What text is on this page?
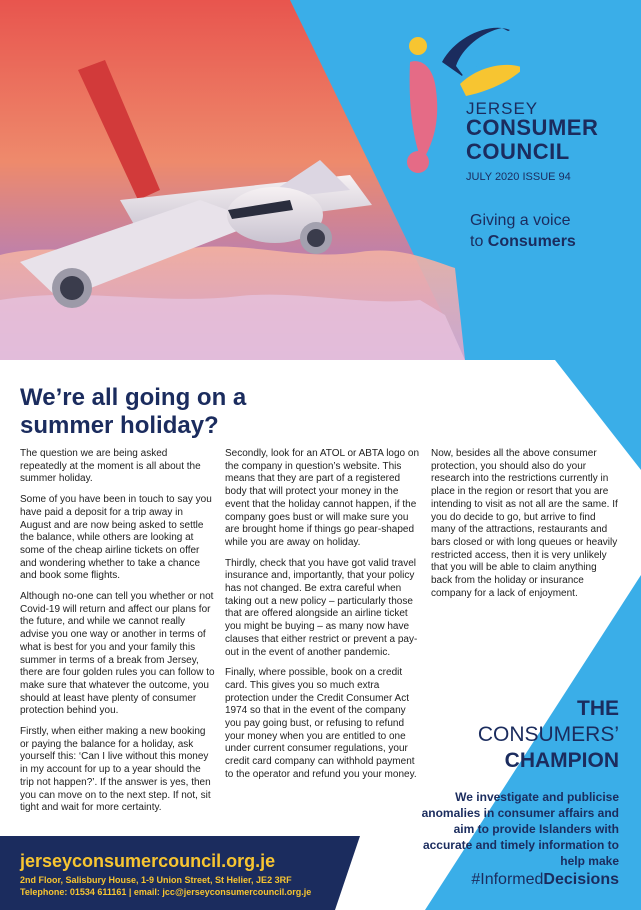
JERSEY
CONSUMER
COUNCIL
JULY 2020 ISSUE 94
Giving a voice
to Consumers
We’re all going on a summer holiday?

The question we are being asked repeatedly at the moment is all about the summer holiday.

Some of you have been in touch to say you have paid a deposit for a trip away in August and are now being asked to settle the balance, while others are looking at some of the cheap airline tickets on offer and wondering whether to take a chance and book some flights.

Although no-one can tell you whether or not Covid-19 will return and affect our plans for the future, and while we cannot really advise you one way or another in terms of what is best for you and your family this summer in terms of a break from Jersey, there are four golden rules you can follow to make sure that whatever the outcome, you should at least have plenty of consumer protection behind you.

Firstly, when either making a new booking or paying the balance for a holiday, ask yourself this: ‘Can I live without this money in my account for up to a year should the trip not happen?’. If the answer is yes, then you can move on to the next step. If not, sit tight and wait for more certainty.

Secondly, look for an ATOL or ABTA logo on the company in question’s website. This means that they are part of a registered body that will protect your money in the event that the holiday cannot happen, if the company goes bust or will make sure you are brought home if things go pear-shaped while you are away on holiday.

Thirdly, check that you have got valid travel insurance and, importantly, that your policy has not changed. Be extra careful when taking out a new policy – particularly those that are offered alongside an airline ticket you might be buying – as many now have clauses that either restrict or prevent a pay-out in the event of another pandemic.

Finally, where possible, book on a credit card. This gives you so much extra protection under the Credit Consumer Act 1974 so that in the event of the company you pay going bust, or refusing to refund your money when you are entitled to one under current consumer regulations, your credit card company can withhold payment to the operator and refund you your money.

Now, besides all the above consumer protection, you should also do your research into the restrictions currently in place in the region or resort that you are intending to visit as not all are the same. If you do decide to go, but arrive to find many of the attractions, restaurants and bars closed or with long queues or heavily restricted access, then it is very unlikely that you will be able to claim anything back from the holiday or insurance company for a lack of enjoyment.

THE
CONSUMERS’
CHAMPION
We investigate and publicise anomalies in consumer affairs and aim to provide Islanders with accurate and timely information to help make
#InformedDecisions
jerseyconsumercouncil.org.je
2nd Floor, Salisbury House, 1-9 Union Street, St Helier, JE2 3RF
Telephone: 01534 611161 | email: jcc@jerseyconsumercouncil.org.je
